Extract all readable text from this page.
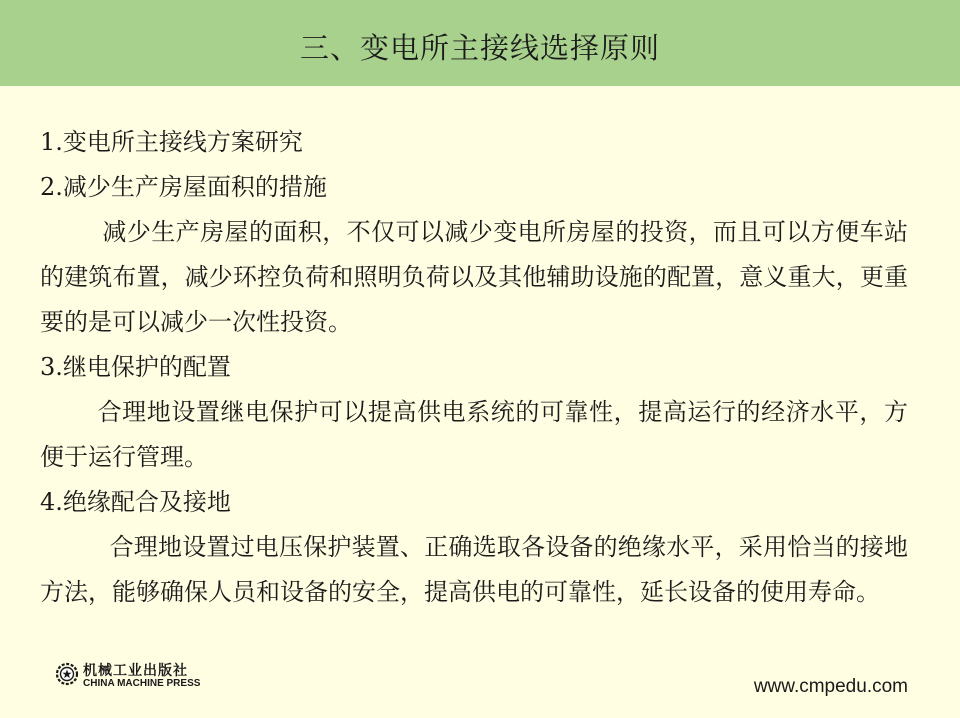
三、变电所主接线选择原则

1.变电所主接线方案研究

2.减少生产房屋面积的措施

减少生产房屋的面积，不仅可以减少变电所房屋的投资，而且可以方便车站的建筑布置，减少环控负荷和照明负荷以及其他辅助设施的配置，意义重大，更重要的是可以减少一次性投资。

3.继电保护的配置

合理地设置继电保护可以提高供电系统的可靠性，提高运行的经济水平，方便于运行管理。

4.绝缘配合及接地

合理地设置过电压保护装置、正确选取各设备的绝缘水平，采用恰当的接地方法，能够确保人员和设备的安全，提高供电的可靠性，延长设备的使用寿命。

机械工业出版社
CHINA MACHINE PRESS	www.cmpedu.com
